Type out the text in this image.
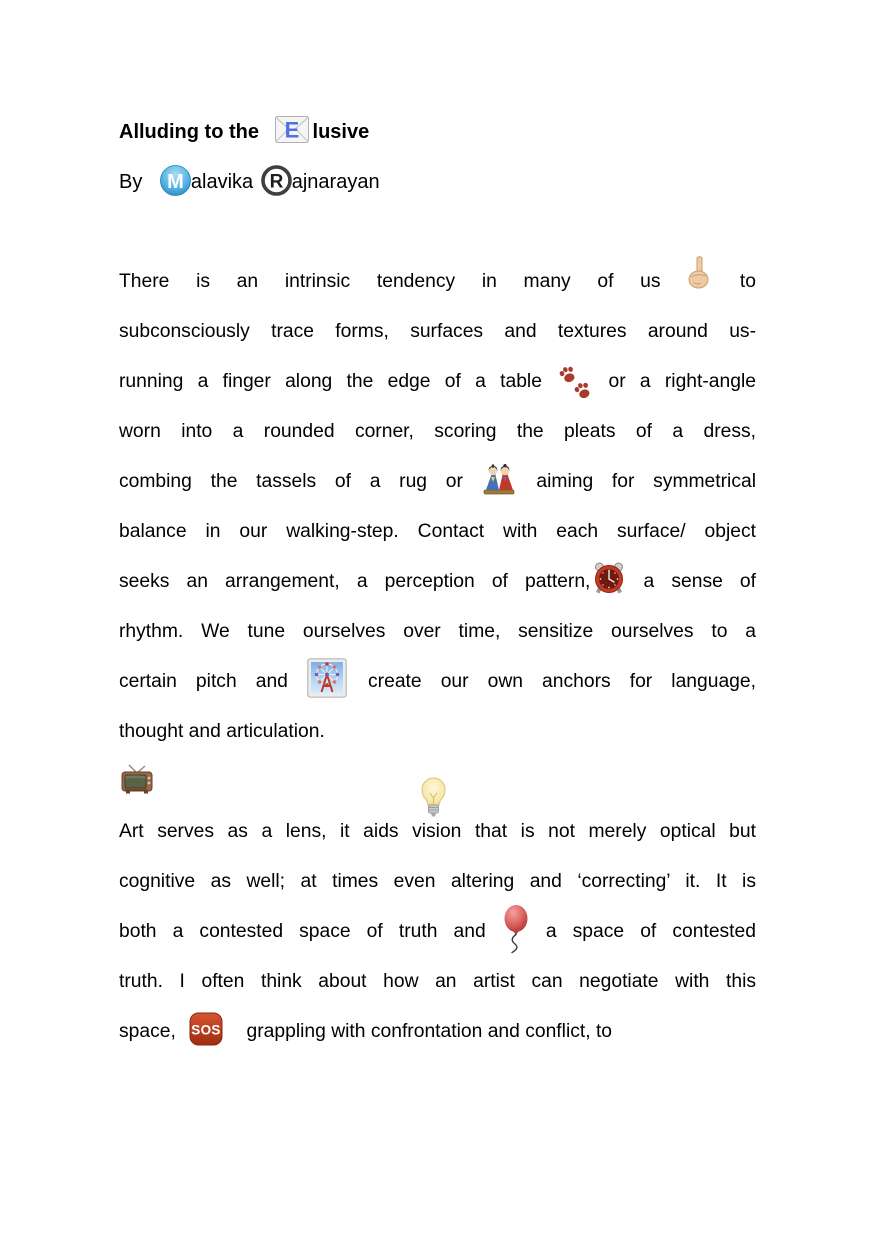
Alluding to the E lusive
By M alavika R ajnarayan
There is an intrinsic tendency in many of us
to
subconsciously trace forms, surfaces and textures around us-
running a finger along the edge of a table
or a right-angle
worn into a rounded corner, scoring the pleats of a dress,
combing the tassels of a rug or
aiming for symmetrical
balance in our walking-step. Contact with each surface/ object
seeks an arrangement, a perception of pattern,
a sense of
rhythm. We tune ourselves over time, sensitize ourselves to a
certain pitch and
create our own anchors for language,
thought and articulation.
Art serves as a lens, it aids vision that is not merely optical but
cognitive as well; at times even altering and ‘correcting’ it. It is
both a contested space of truth and
a space of contested
truth. I often think about how an artist can negotiate with this
space, SOS grappling with confrontation and conflict, to
